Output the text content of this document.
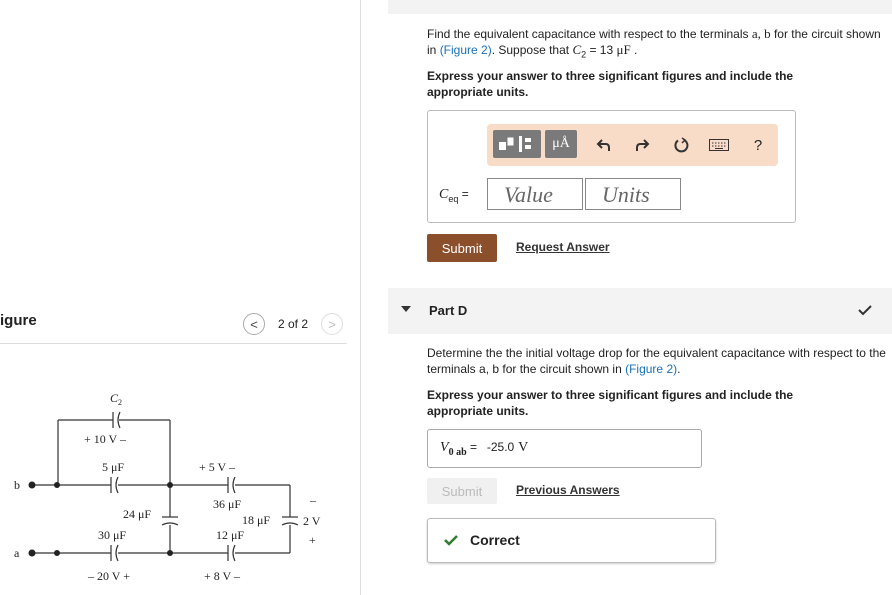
Find the equivalent capacitance with respect to the terminals a, b for the circuit shown in (Figure 2). Suppose that $C_2 = 13$ μF .
Express your answer to three significant figures and include the appropriate units.
μÅ	?
$C_{eq}$ =	Value	Units
Submit	Request Answer
Part D
Determine the the initial voltage drop for the equivalent capacitance with respect to the terminals a, b for the circuit shown in (Figure 2).
Express your answer to three significant figures and include the appropriate units.
$V_{0 ab} = -25.0$ V
Submit	Previous Answers
Correct
igure	< 2 of 2 >
C 2
+ 10 V –
5 μF	+ 5 V –
24 μF
36 μF
18 μF
–
2 V
+
30 μF	12 μF
– 20 V +	+ 8 V –
b
a
